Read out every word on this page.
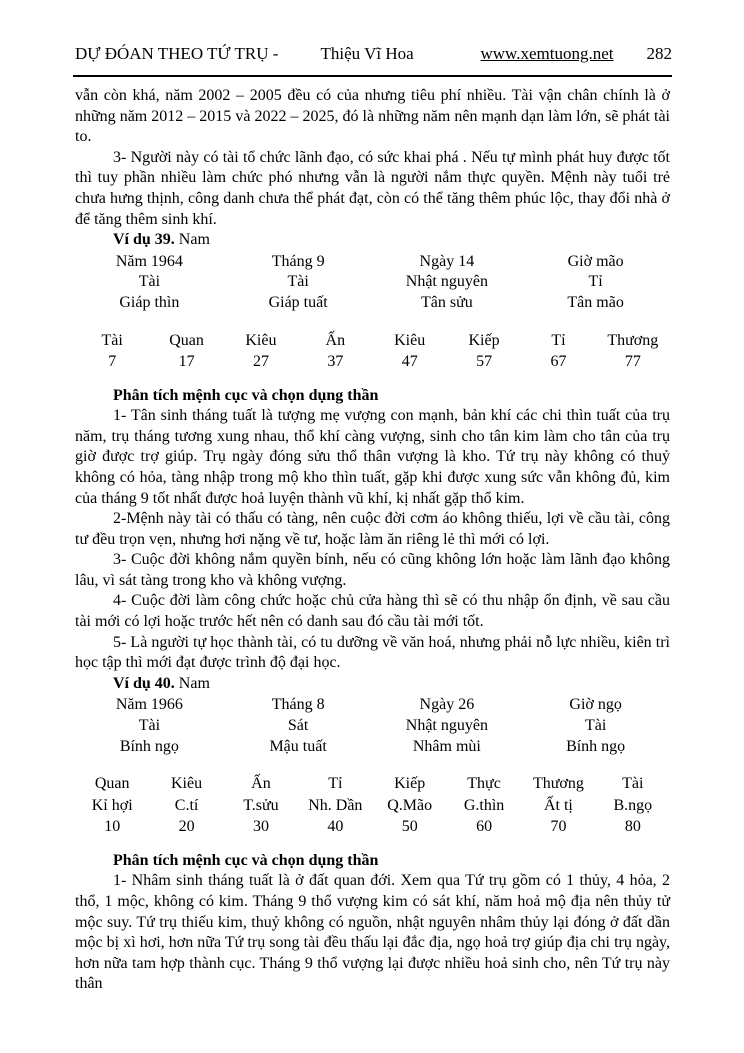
DỰ ĐÓAN THEO TỨ TRỤ - Thiệu Vĩ Hoa	www.xemtuong.net 282

vẫn còn khá, năm 2002 – 2005 đều có của nhưng tiêu phí nhiều. Tài vận chân chính là ở những năm 2012 – 2015 và 2022 – 2025, đó là những năm nên mạnh dạn làm lớn, sẽ phát tài to.

3- Người này có tài tổ chức lãnh đạo, có sức khai phá . Nếu tự mình phát huy được tốt thì tuy phần nhiều làm chức phó nhưng vẫn là người nắm thực quyền. Mệnh này tuổi trẻ chưa hưng thịnh, công danh chưa thể phát đạt, còn có thể tăng thêm phúc lộc, thay đổi nhà ở để tăng thêm sinh khí.

Ví dụ 39. Nam

Năm 1964	Tháng 9	Ngày 14	Giờ mão
Tài	Tài	Nhật nguyên	Tỉ
Giáp thìn	Giáp tuất	Tân sửu	Tân mão
Tài	Quan	Kiêu	Ấn	Kiêu	Kiếp	Tỉ	Thương
7	17	27	37	47	57	67	77

Phân tích mệnh cục và chọn dụng thần

1- Tân sinh tháng tuất là tượng mẹ vượng con mạnh, bản khí các chi thìn tuất của trụ năm, trụ tháng tương xung nhau, thổ khí càng vượng, sinh cho tân kim làm cho tân của trụ giờ được trợ giúp. Trụ ngày đóng sửu thổ thân vượng là kho. Tứ trụ này không có thuỷ không có hỏa, tàng nhập trong mộ kho thìn tuất, gặp khi được xung sức vẫn không đủ, kim của tháng 9 tốt nhất được hoả luyện thành vũ khí, kị nhất gặp thổ kim.

2-Mệnh này tài có thấu có tàng, nên cuộc đời cơm áo không thiếu, lợi về cầu tài, công tư đều trọn vẹn, nhưng hơi nặng về tư, hoặc làm ăn riêng lẻ thì mới có lợi.

3- Cuộc đời không nắm quyền bính, nếu có cũng không lớn hoặc làm lãnh đạo không lâu, vì sát tàng trong kho và không vượng.

4- Cuộc đời làm công chức hoặc chủ cửa hàng thì sẽ có thu nhập ổn định, về sau cầu tài mới có lợi hoặc trước hết nên có danh sau đó cầu tài mới tốt.

5- Là người tự học thành tài, có tu dưỡng về văn hoá, nhưng phải nỗ lực nhiều, kiên trì học tập thì mới đạt được trình độ đại học.

Ví dụ 40. Nam

Năm 1966	Tháng 8	Ngày 26	Giờ ngọ
Tài	Sát	Nhật nguyên	Tài
Bính ngọ	Mậu tuất	Nhâm mùi	Bính ngọ
Quan	Kiêu	Ấn	Tỉ	Kiếp	Thực	Thương	Tài
Kỉ hợi	C.tí	T.sửu	Nh. Dần	Q.Mão	G.thìn	Ất tị	B.ngọ
10	20	30	40	50	60	70	80

Phân tích mệnh cục và chọn dụng thần

1- Nhâm sinh tháng tuất là ở đất quan đới. Xem qua Tứ trụ gồm có 1 thủy, 4 hỏa, 2 thổ, 1 mộc, không có kim. Tháng 9 thổ vượng kim có sát khí, năm hoả mộ địa nên thủy tử mộc suy. Tứ trụ thiếu kim, thuỷ không có nguồn, nhật nguyên nhâm thủy lại đóng ở đất dần mộc bị xì hơi, hơn nữa Tứ trụ song tài đều thấu lại đắc địa, ngọ hoả trợ giúp địa chi trụ ngày, hơn nữa tam hợp thành cục. Tháng 9 thổ vượng lại được nhiều hoả sinh cho, nên Tứ trụ này thân
